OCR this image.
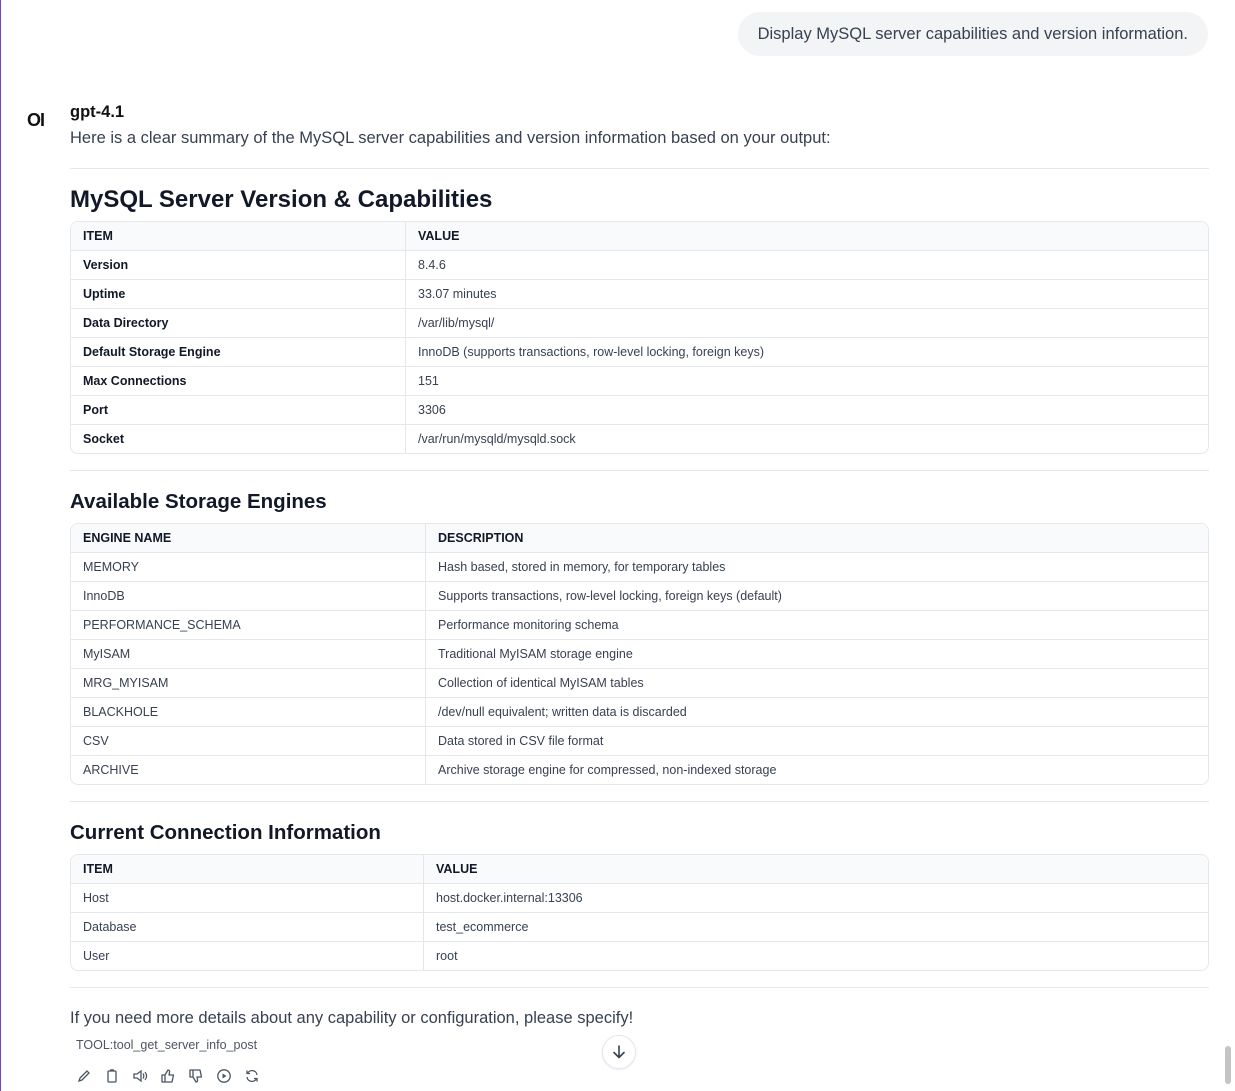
Display MySQL server capabilities and version information.
OI gpt-4.1
Here is a clear summary of the MySQL server capabilities and version information based on your output:
MySQL Server Version & Capabilities
ITEM	VALUE
Version	8.4.6
Uptime	33.07 minutes
Data Directory	/var/lib/mysql/
Default Storage Engine	InnoDB (supports transactions, row-level locking, foreign keys)
Max Connections	151
Port	3306
Socket	/var/run/mysqld/mysqld.sock
Available Storage Engines
ENGINE NAME	DESCRIPTION
MEMORY	Hash based, stored in memory, for temporary tables
InnoDB	Supports transactions, row-level locking, foreign keys (default)
PERFORMANCE_SCHEMA	Performance monitoring schema
MyISAM	Traditional MyISAM storage engine
MRG_MYISAM	Collection of identical MyISAM tables
BLACKHOLE	/dev/null equivalent; written data is discarded
CSV	Data stored in CSV file format
ARCHIVE	Archive storage engine for compressed, non-indexed storage
Current Connection Information
ITEM	VALUE
Host	host.docker.internal:13306
Database	test_ecommerce
User	root
If you need more details about any capability or configuration, please specify!
TOOL:tool_get_server_info_post
